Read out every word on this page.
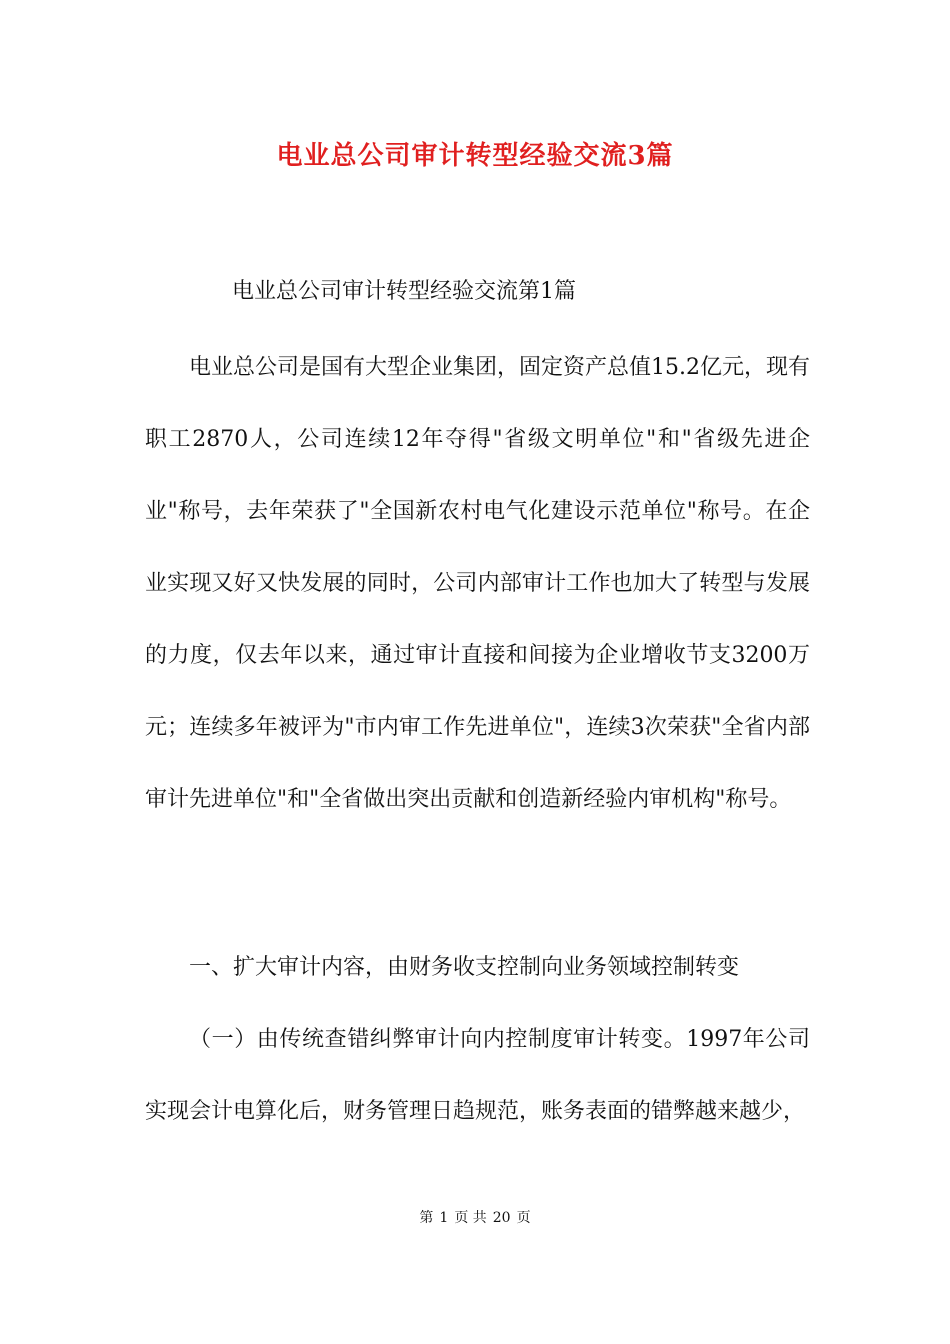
电业总公司审计转型经验交流3篇
电业总公司审计转型经验交流第1篇

电业总公司是国有大型企业集团，固定资产总值15.2亿元，现有职工2870人，公司连续12年夺得"省级文明单位"和"省级先进企业"称号，去年荣获了"全国新农村电气化建设示范单位"称号。在企业实现又好又快发展的同时，公司内部审计工作也加大了转型与发展的力度，仅去年以来，通过审计直接和间接为企业增收节支3200万元；连续多年被评为"市内审工作先进单位"，连续3次荣获"全省内部审计先进单位"和"全省做出突出贡献和创造新经验内审机构"称号。

一、扩大审计内容，由财务收支控制向业务领域控制转变

（一）由传统查错纠弊审计向内控制度审计转变。1997年公司实现会计电算化后，财务管理日趋规范，账务表面的错弊越来越少，

第 1 页 共 20 页
